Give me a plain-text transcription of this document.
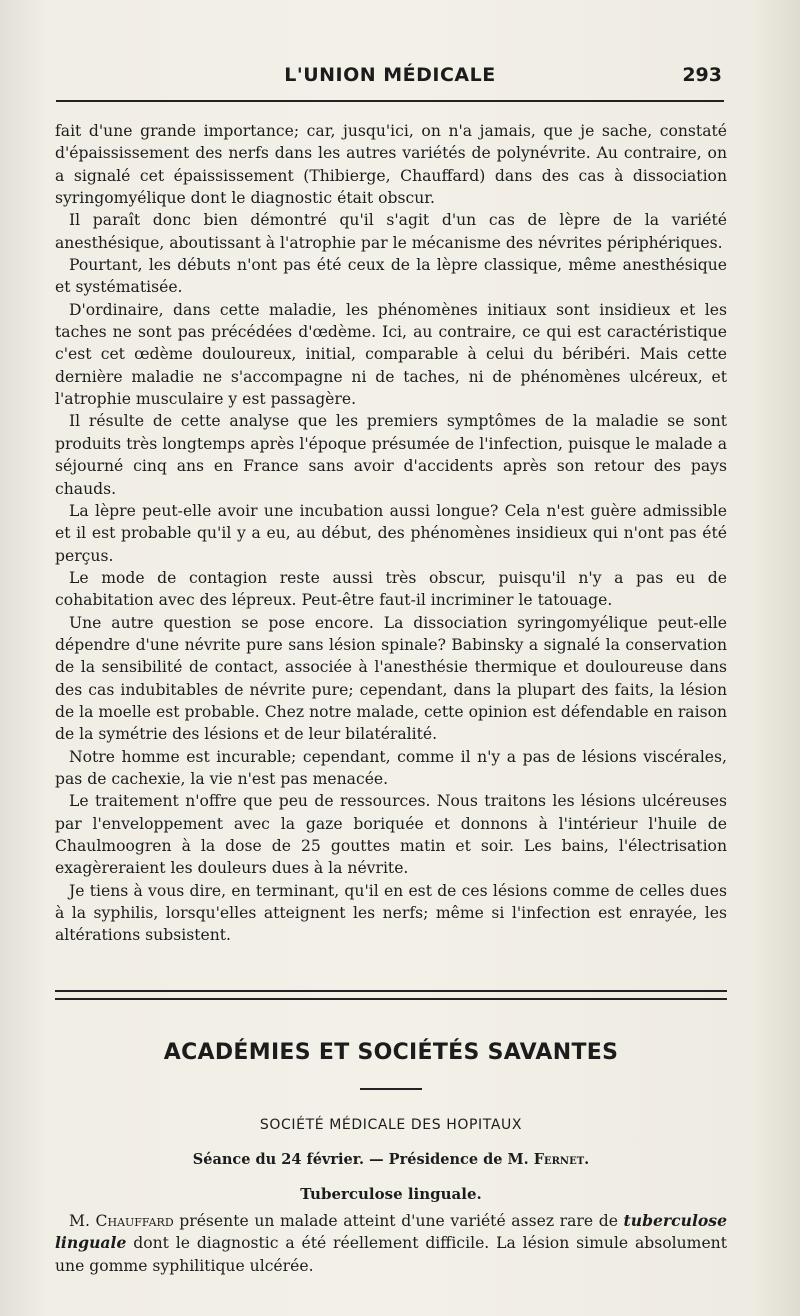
L'UNION MÉDICALE	293

fait d'une grande importance; car, jusqu'ici, on n'a jamais, que je sache, constaté d'épaississement des nerfs dans les autres variétés de polynévrite. Au contraire, on a signalé cet épaississement (Thibierge, Chauffard) dans des cas à dissociation syringomyélique dont le diagnostic était obscur.

Il paraît donc bien démontré qu'il s'agit d'un cas de lèpre de la variété anesthésique, aboutissant à l'atrophie par le mécanisme des névrites périphériques.

Pourtant, les débuts n'ont pas été ceux de la lèpre classique, même anesthésique et systématisée.

D'ordinaire, dans cette maladie, les phénomènes initiaux sont insidieux et les taches ne sont pas précédées d'œdème. Ici, au contraire, ce qui est caractéristique c'est cet œdème douloureux, initial, comparable à celui du béribéri. Mais cette dernière maladie ne s'accompagne ni de taches, ni de phénomènes ulcéreux, et l'atrophie musculaire y est passagère.

Il résulte de cette analyse que les premiers symptômes de la maladie se sont produits très longtemps après l'époque présumée de l'infection, puisque le malade a séjourné cinq ans en France sans avoir d'accidents après son retour des pays chauds.

La lèpre peut-elle avoir une incubation aussi longue? Cela n'est guère admissible et il est probable qu'il y a eu, au début, des phénomènes insidieux qui n'ont pas été perçus.

Le mode de contagion reste aussi très obscur, puisqu'il n'y a pas eu de cohabitation avec des lépreux. Peut-être faut-il incriminer le tatouage.

Une autre question se pose encore. La dissociation syringomyélique peut-elle dépendre d'une névrite pure sans lésion spinale? Babinsky a signalé la conservation de la sensibilité de contact, associée à l'anesthésie thermique et douloureuse dans des cas indubitables de névrite pure; cependant, dans la plupart des faits, la lésion de la moelle est probable. Chez notre malade, cette opinion est défendable en raison de la symétrie des lésions et de leur bilatéralité.

Notre homme est incurable; cependant, comme il n'y a pas de lésions viscérales, pas de cachexie, la vie n'est pas menacée.

Le traitement n'offre que peu de ressources. Nous traitons les lésions ulcéreuses par l'enveloppement avec la gaze boriquée et donnons à l'intérieur l'huile de Chaulmoogren à la dose de 25 gouttes matin et soir. Les bains, l'électrisation exagèreraient les douleurs dues à la névrite.

Je tiens à vous dire, en terminant, qu'il en est de ces lésions comme de celles dues à la syphilis, lorsqu'elles atteignent les nerfs; même si l'infection est enrayée, les altérations subsistent.

ACADÉMIES ET SOCIÉTÉS SAVANTES
SOCIÉTÉ MÉDICALE DES HOPITAUX
Séance du 24 février. — Présidence de M. Fernet.
Tuberculose linguale.
M. Chauffard présente un malade atteint d'une variété assez rare de tuberculose linguale dont le diagnostic a été réellement difficile. La lésion simule absolument une gomme syphilitique ulcérée.
